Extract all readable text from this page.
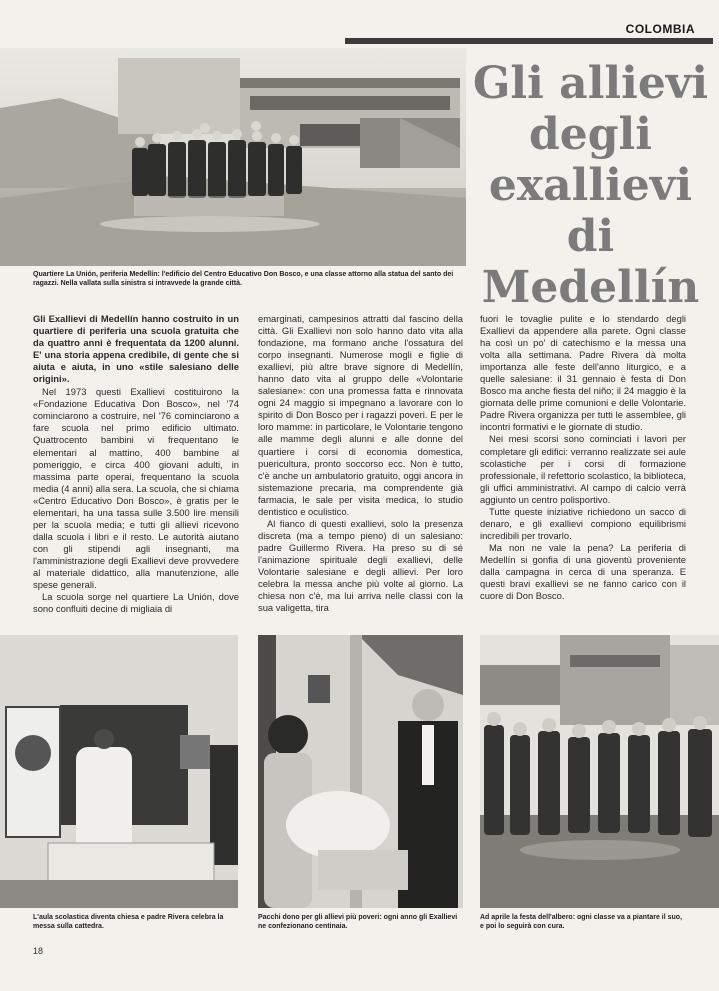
COLOMBIA
Gli allievi
degli
exallievi
di
Medellín
Quartiere La Unión, periferia Medellín: l'edificio del Centro Educativo Don Bosco, e una classe attorno alla statua del santo dei ragazzi. Nella vallata sulla sinistra si intravvede la grande città.

Gli Exallievi di Medellín hanno costruito in un quartiere di periferia una scuola gratuita che da quattro anni è frequentata da 1200 alunni. E' una storia appena credibile, di gente che si aiuta e aiuta, in uno «stile salesiano delle origini».

Nel 1973 questi Exallievi costituirono la «Fondazione Educativa Don Bosco», nel '74 cominciarono a costruire, nel '76 cominciarono a fare scuola nel primo edificio ultimato. Quattrocento bambini vi frequentano le elementari al mattino, 400 bambine al pomeriggio, e circa 400 giovani adulti, in massima parte operai, frequentano la scuola media (4 anni) alla sera. La scuola, che si chiama «Centro Educativo Don Bosco», è gratis per le elementari, ha una tassa sulle 3.500 lire mensili per la scuola media; e tutti gli allievi ricevono dalla scuola i libri e il resto. Le autorità aiutano con gli stipendi agli insegnanti, ma l'amministrazione degli Exallievi deve provvedere al materiale didattico, alla manutenzione, alle spese generali.

La scuola sorge nel quartiere La Unión, dove sono confluiti decine di migliaia di

emarginati, campesinos attratti dal fascino della città. Gli Exallievi non solo hanno dato vita alla fondazione, ma formano anche l'ossatura del corpo insegnanti. Numerose mogli e figlie di exallievi, più altre brave signore di Medellín, hanno dato vita al gruppo delle «Volontarie salesiane»: con una promessa fatta e rinnovata ogni 24 maggio si impegnano a lavorare con lo spirito di Don Bosco per i ragazzi poveri. E per le loro mamme: in particolare, le Volontarie tengono alle mamme degli alunni e alle donne del quartiere i corsi di economia domestica, puericultura, pronto soccorso ecc. Non è tutto, c'è anche un ambulatorio gratuito, oggi ancora in sistemazione precaria, ma comprendente già farmacia, le sale per visita medica, lo studio dentistico e oculistico.

Al fianco di questi exallievi, solo la presenza discreta (ma a tempo pieno) di un salesiano: padre Guillermo Rivera. Ha preso su di sé l'animazione spirituale degli exallievi, delle Volontarie salesiane e degli allievi. Per loro celebra la messa anche più volte al giorno. La chiesa non c'è, ma lui arriva nelle classi con la sua valigetta, tira

fuori le tovaglie pulite e lo stendardo degli Exallievi da appendere alla parete. Ogni classe ha così un po' di catechismo e la messa una volta alla settimana. Padre Rivera dà molta importanza alle feste dell'anno liturgico, e a quelle salesiane: il 31 gennaio è festa di Don Bosco ma anche fiesta del niño; il 24 maggio è la giornata delle prime comunioni e delle Volontarie. Padre Rivera organizza per tutti le assemblee, gli incontri formativi e le giornate di studio.

Nei mesi scorsi sono cominciati i lavori per completare gli edifici: verranno realizzate sei aule scolastiche per i corsi di formazione professionale, il refettorio scolastico, la biblioteca, gli uffici amministrativi. Al campo di calcio verrà aggiunto un centro polisportivo.

Tutte queste iniziative richiedono un sacco di denaro, e gli exallievi compiono equilibrismi incredibili per trovarlo.

Ma non ne vale la pena? La periferia di Medellín si gonfia di una gioventù proveniente dalla campagna in cerca di una speranza. E questi bravi exallievi se ne fanno carico con il cuore di Don Bosco.

L'aula scolastica diventa chiesa e padre Rivera celebra la messa sulla cattedra.
Pacchi dono per gli allievi più poveri: ogni anno gli Exallievi ne confezionano centinaia.
Ad aprile la festa dell'albero: ogni classe va a piantare il suo, e poi lo seguirà con cura.
18
